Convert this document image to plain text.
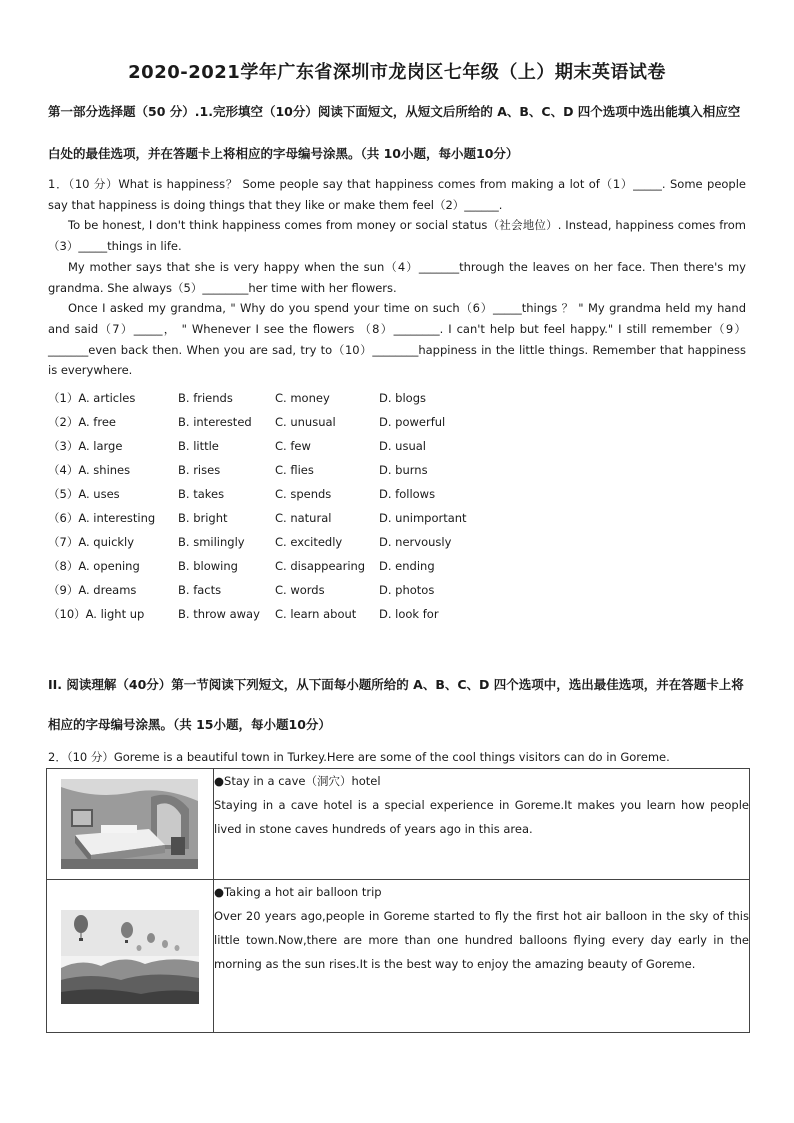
2020-2021学年广东省深圳市龙岗区七年级（上）期末英语试卷
第一部分选择题（50 分）.1.完形填空（10分）阅读下面短文，从短文后所给的 A、B、C、D 四个选项中选出能填入相应空
白处的最佳选项，并在答题卡上将相应的字母编号涂黑。（共 10小题，每小题10分）

1．（10 分）What is happiness？ Some people say that happiness comes from making a lot of（1）_____. Some people say that happiness is doing things that they like or make them feel（2）______.

To be honest, I don't think happiness comes from money or social status（社会地位）. Instead, happiness comes from（3）_____things in life.

My mother says that she is very happy when the sun（4）_______through the leaves on her face. Then there's my grandma. She always（5）________her time with her flowers.

Once I asked my grandma, " Why do you spend your time on such（6）_____things ？ " My grandma held my hand and said（7）_____， " Whenever I see the flowers （8）________. I can't help but feel happy." I still remember（9）_______even back then. When you are sad, try to（10）________happiness in the little things. Remember that happiness is everywhere.

（1）A. articles	B. friends	C. money	D. blogs
（2）A. free	B. interested	C. unusual	D. powerful
（3）A. large	B. little	C. few	D. usual
（4）A. shines	B. rises	C. flies	D. burns
（5）A. uses	B. takes	C. spends	D. follows
（6）A. interesting	B. bright	C. natural	D. unimportant
（7）A. quickly	B. smilingly	C. excitedly	D. nervously
（8）A. opening	B. blowing	C. disappearing	D. ending
（9）A. dreams	B. facts	C. words	D. photos
（10）A. light up	B. throw away	C. learn about	D. look for
II. 阅读理解（40分）第一节阅读下列短文，从下面每小题所给的 A、B、C、D 四个选项中，选出最佳选项，并在答题卡上将
相应的字母编号涂黑。（共 15小题，每小题10分）
2．（10 分）Goreme is a beautiful town in Turkey.Here are some of the cool things visitors can do in Goreme.

●Stay in a cave（洞穴）hotel
Staying in a cave hotel is a special experience in Goreme.It makes you learn how people lived in stone caves hundreds of years ago in this area.

●Taking a hot air balloon trip
Over 20 years ago,people in Goreme started to fly the first hot air balloon in the sky of this little town.Now,there are more than one hundred balloons flying every day early in the morning as the sun rises.It is the best way to enjoy the amazing beauty of Goreme.
